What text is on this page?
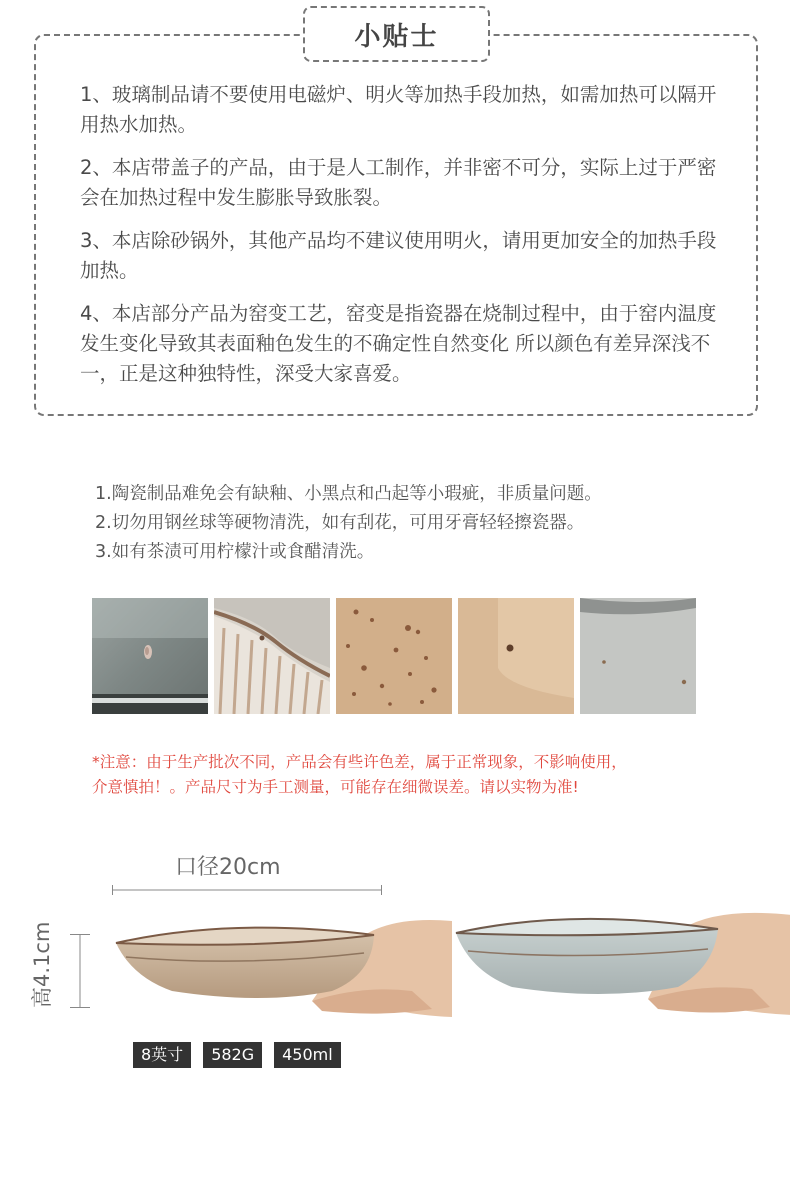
小贴士

1、玻璃制品请不要使用电磁炉、明火等加热手段加热，如需加热可以隔开用热水加热。

2、本店带盖子的产品，由于是人工制作，并非密不可分，实际上过于严密会在加热过程中发生膨胀导致胀裂。

3、本店除砂锅外，其他产品均不建议使用明火，请用更加安全的加热手段加热。

4、本店部分产品为窑变工艺，窑变是指瓷器在烧制过程中，由于窑内温度发生变化导致其表面釉色发生的不确定性自然变化 所以颜色有差异深浅不一，正是这种独特性，深受大家喜爱。

1.陶瓷制品难免会有缺釉、小黑点和凸起等小瑕疵，非质量问题。

2.切勿用钢丝球等硬物清洗，如有刮花，可用牙膏轻轻擦瓷器。

3.如有茶渍可用柠檬汁或食醋清洗。

*注意：由于生产批次不同，产品会有些许色差，属于正常现象，不影响使用，

介意慎拍！。产品尺寸为手工测量，可能存在细微误差。请以实物为准!

口径20cm
高4.1cm
8英寸	582G	450ml
